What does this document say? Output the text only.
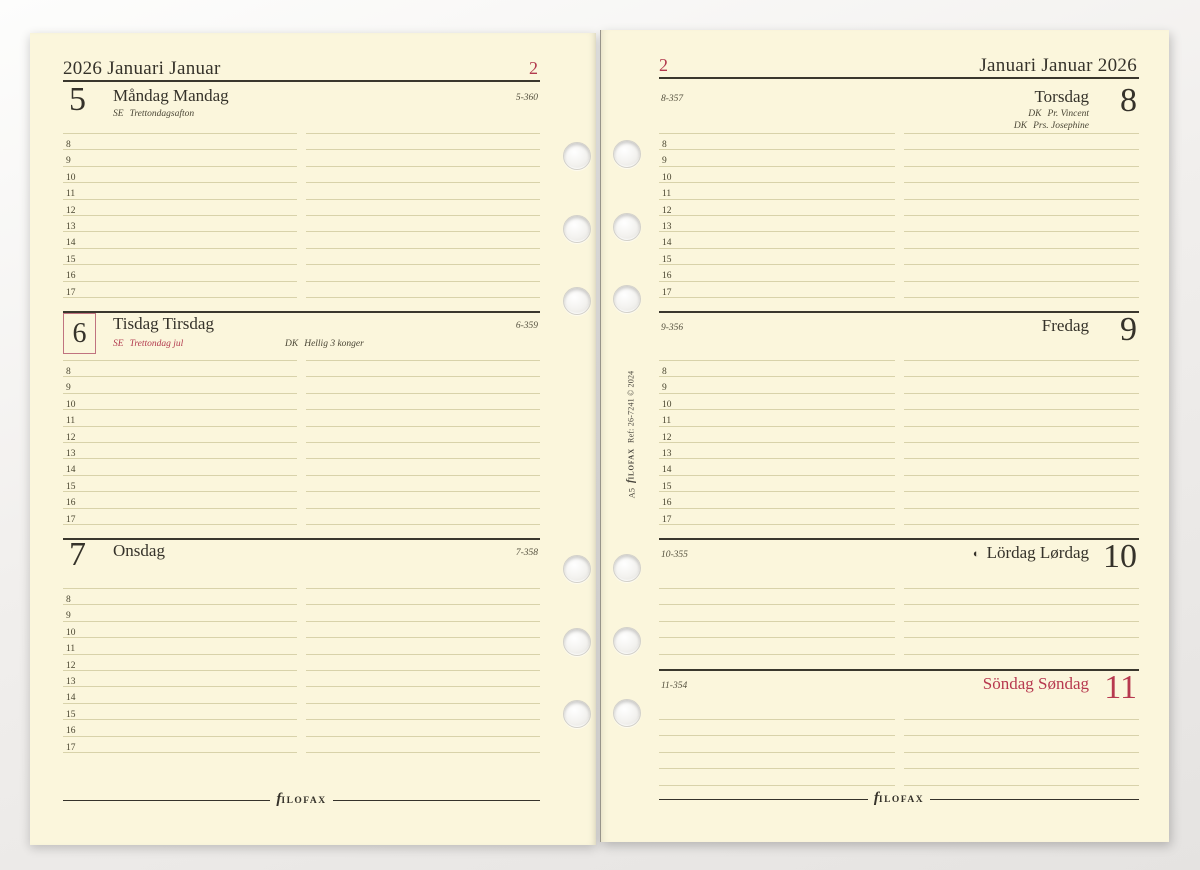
2026 Januari Januar	2
5 Måndag Mandag
SE Trettondagsafton
5-360
8
9
10
11
12
13
14
15
16
17
6 Tisdag Tirsdag
SE Trettondag jul	DK Hellig 3 konger
6-359
8
9
10
11
12
13
14
15
16
17
7 Onsdag	7-358
8
9
10
11
12
13
14
15
16
17
fILOFAX
2	Januari Januar 2026
8-357	Torsdag 8
DK Pr. Vincent
DK Prs. Josephine
8
9
10
11
12
13
14
15
16
17
9-356	Fredag 9
8
9
10
11
12
13
14
15
16
17
10-355	◐ Lördag Lørdag 10
11-354	Söndag Søndag 11
fILOFAX
A5
fILOFAX
Ref: 26-7241 © 2024
